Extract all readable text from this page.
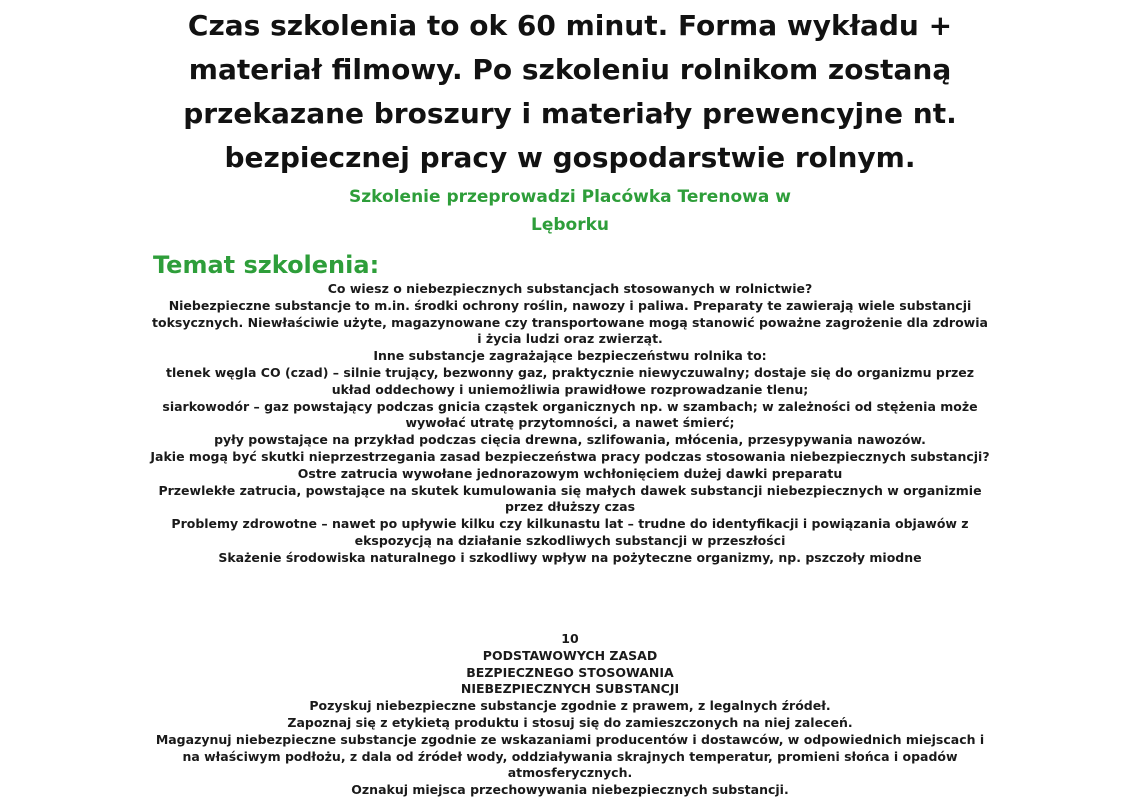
Czas szkolenia to ok 60 minut. Forma wykładu +
materiał filmowy. Po szkoleniu rolnikom zostaną
przekazane broszury i materiały prewencyjne nt.
bezpiecznej pracy w gospodarstwie rolnym.
Szkolenie przeprowadzi Placówka Terenowa w
Lęborku
Temat szkolenia:
Co wiesz o niebezpiecznych substancjach stosowanych w rolnictwie?
Niebezpieczne substancje to m.in. środki ochrony roślin, nawozy i paliwa. Preparaty te zawierają wiele substancji
toksycznych. Niewłaściwie użyte, magazynowane czy transportowane mogą stanowić poważne zagrożenie dla zdrowia
i życia ludzi oraz zwierząt.
Inne substancje zagrażające bezpieczeństwu rolnika to:
tlenek węgla CO (czad) – silnie trujący, bezwonny gaz, praktycznie niewyczuwalny; dostaje się do organizmu przez
układ oddechowy i uniemożliwia prawidłowe rozprowadzanie tlenu;
siarkowodór – gaz powstający podczas gnicia cząstek organicznych np. w szambach; w zależności od stężenia może
wywołać utratę przytomności, a nawet śmierć;
pyły powstające na przykład podczas cięcia drewna, szlifowania, młócenia, przesypywania nawozów.
Jakie mogą być skutki nieprzestrzegania zasad bezpieczeństwa pracy podczas stosowania niebezpiecznych substancji?
Ostre zatrucia wywołane jednorazowym wchłonięciem dużej dawki preparatu
Przewlekłe zatrucia, powstające na skutek kumulowania się małych dawek substancji niebezpiecznych w organizmie
przez dłuższy czas
Problemy zdrowotne – nawet po upływie kilku czy kilkunastu lat – trudne do identyfikacji i powiązania objawów z
ekspozycją na działanie szkodliwych substancji w przeszłości
Skażenie środowiska naturalnego i szkodliwy wpływ na pożyteczne organizmy, np. pszczoły miodne
10
PODSTAWOWYCH ZASAD
BEZPIECZNEGO STOSOWANIA
NIEBEZPIECZNYCH SUBSTANCJI
Pozyskuj niebezpieczne substancje zgodnie z prawem, z legalnych źródeł.
Zapoznaj się z etykietą produktu i stosuj się do zamieszczonych na niej zaleceń.
Magazynuj niebezpieczne substancje zgodnie ze wskazaniami producentów i dostawców, w odpowiednich miejscach i
na właściwym podłożu, z dala od źródeł wody, oddziaływania skrajnych temperatur, promieni słońca i opadów
atmosferycznych.
Oznakuj miejsca przechowywania niebezpiecznych substancji.
